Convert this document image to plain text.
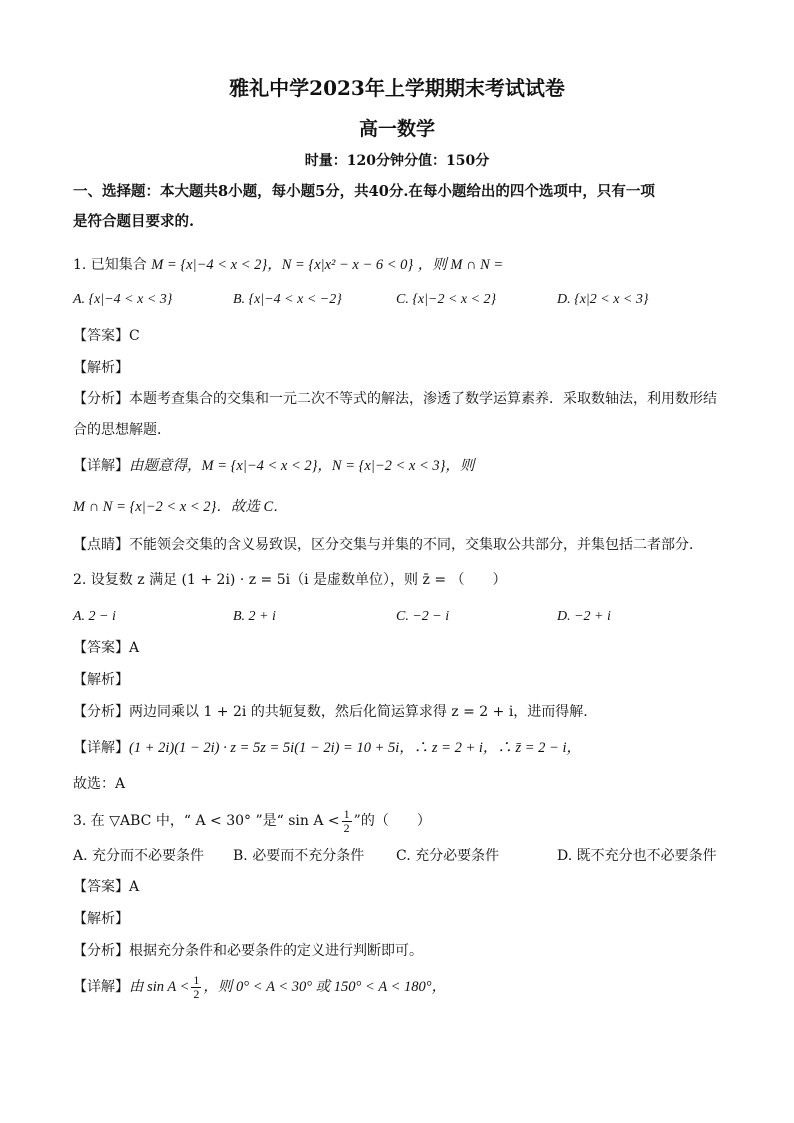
雅礼中学2023年上学期期末考试试卷
高一数学
时量：120分钟分值：150分
一、选择题：本大题共8小题，每小题5分，共40分.在每小题给出的四个选项中，只有一项
是符合题目要求的.
1. 已知集合 M = {x|−4 < x < 2}，N = {x|x² − x − 6 < 0} ，则 M ∩ N =
A. {x|−4 < x < 3}	B. {x|−4 < x < −2}	C. {x|−2 < x < 2}	D. {x|2 < x < 3}
【答案】C
【解析】
【分析】本题考查集合的交集和一元二次不等式的解法，渗透了数学运算素养．采取数轴法，利用数形结
合的思想解题．
【详解】由题意得，M = {x|−4 < x < 2}，N = {x|−2 < x < 3}，则
M ∩ N = {x|−2 < x < 2}．故选 C．
【点睛】不能领会交集的含义易致误，区分交集与并集的不同，交集取公共部分，并集包括二者部分．
2. 设复数 z 满足 (1 + 2i) · z = 5i（i 是虚数单位），则 z̄ = （　　）
A. 2 − i	B. 2 + i	C. −2 − i	D. −2 + i
【答案】A
【解析】
【分析】两边同乘以 1 + 2i 的共轭复数，然后化简运算求得 z = 2 + i，进而得解.
【详解】(1 + 2i)(1 − 2i) · z = 5z = 5i(1 − 2i) = 10 + 5i，∴ z = 2 + i，∴ z̄ = 2 − i，
故选：A
3. 在 ▽ABC 中，“ A < 30° ”是“ $\sin A < \frac{1}{2}$ ”的（　　）
A. 充分而不必要条件 B. 必要而不充分条件 C. 充分必要条件	D. 既不充分也不必要条件
【答案】A
【解析】
【分析】根据充分条件和必要条件的定义进行判断即可。
【详解】由 $\sin A < \frac{1}{2}$ ，则 0° < A < 30° 或 150° < A < 180°，
